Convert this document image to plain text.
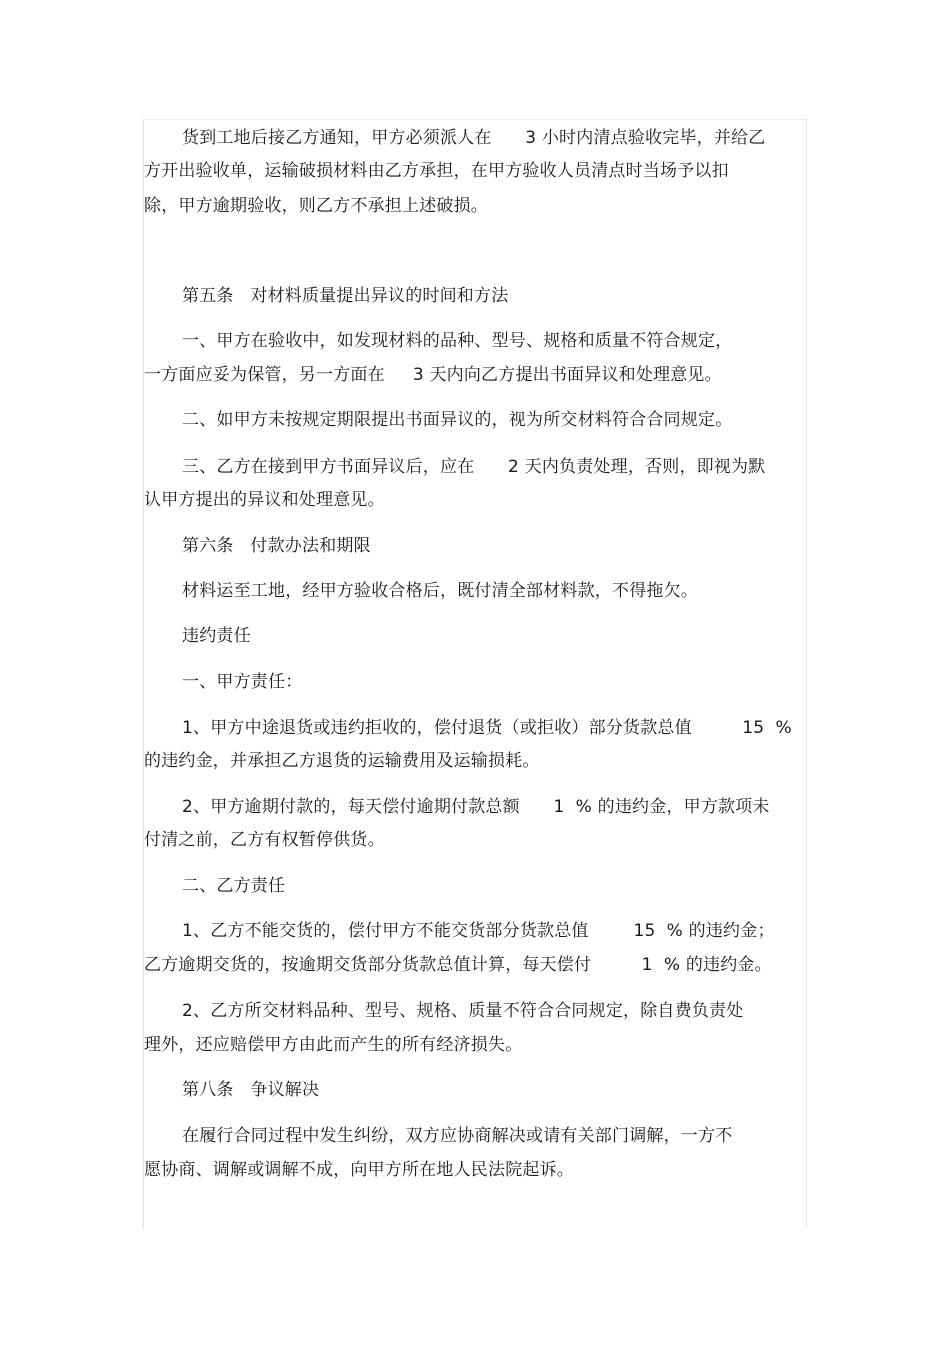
货到工地后接乙方通知，甲方必须派人在      3 小时内清点验收完毕，并给乙
方开出验收单，运输破损材料由乙方承担，在甲方验收人员清点时当场予以扣
除，甲方逾期验收，则乙方不承担上述破损。
第五条   对材料质量提出异议的时间和方法
一、甲方在验收中，如发现材料的品种、型号、规格和质量不符合规定，
一方面应妥为保管，另一方面在     3 天内向乙方提出书面异议和处理意见。
二、如甲方未按规定期限提出书面异议的，视为所交材料符合合同规定。
三、乙方在接到甲方书面异议后，应在      2 天内负责处理，否则，即视为默
认甲方提出的异议和处理意见。
第六条   付款办法和期限
材料运至工地，经甲方验收合格后，既付清全部材料款，不得拖欠。
违约责任
一、甲方责任：
1、甲方中途退货或违约拒收的，偿付退货（或拒收）部分货款总值         15  %
的违约金，并承担乙方退货的运输费用及运输损耗。
2、甲方逾期付款的，每天偿付逾期付款总额      1  % 的违约金，甲方款项未
付清之前，乙方有权暂停供货。
二、乙方责任
1、乙方不能交货的，偿付甲方不能交货部分货款总值        15  % 的违约金；
乙方逾期交货的，按逾期交货部分货款总值计算，每天偿付         1  % 的违约金。
2、乙方所交材料品种、型号、规格、质量不符合合同规定，除自费负责处
理外，还应赔偿甲方由此而产生的所有经济损失。
第八条   争议解决
在履行合同过程中发生纠纷，双方应协商解决或请有关部门调解，一方不
愿协商、调解或调解不成，向甲方所在地人民法院起诉。
